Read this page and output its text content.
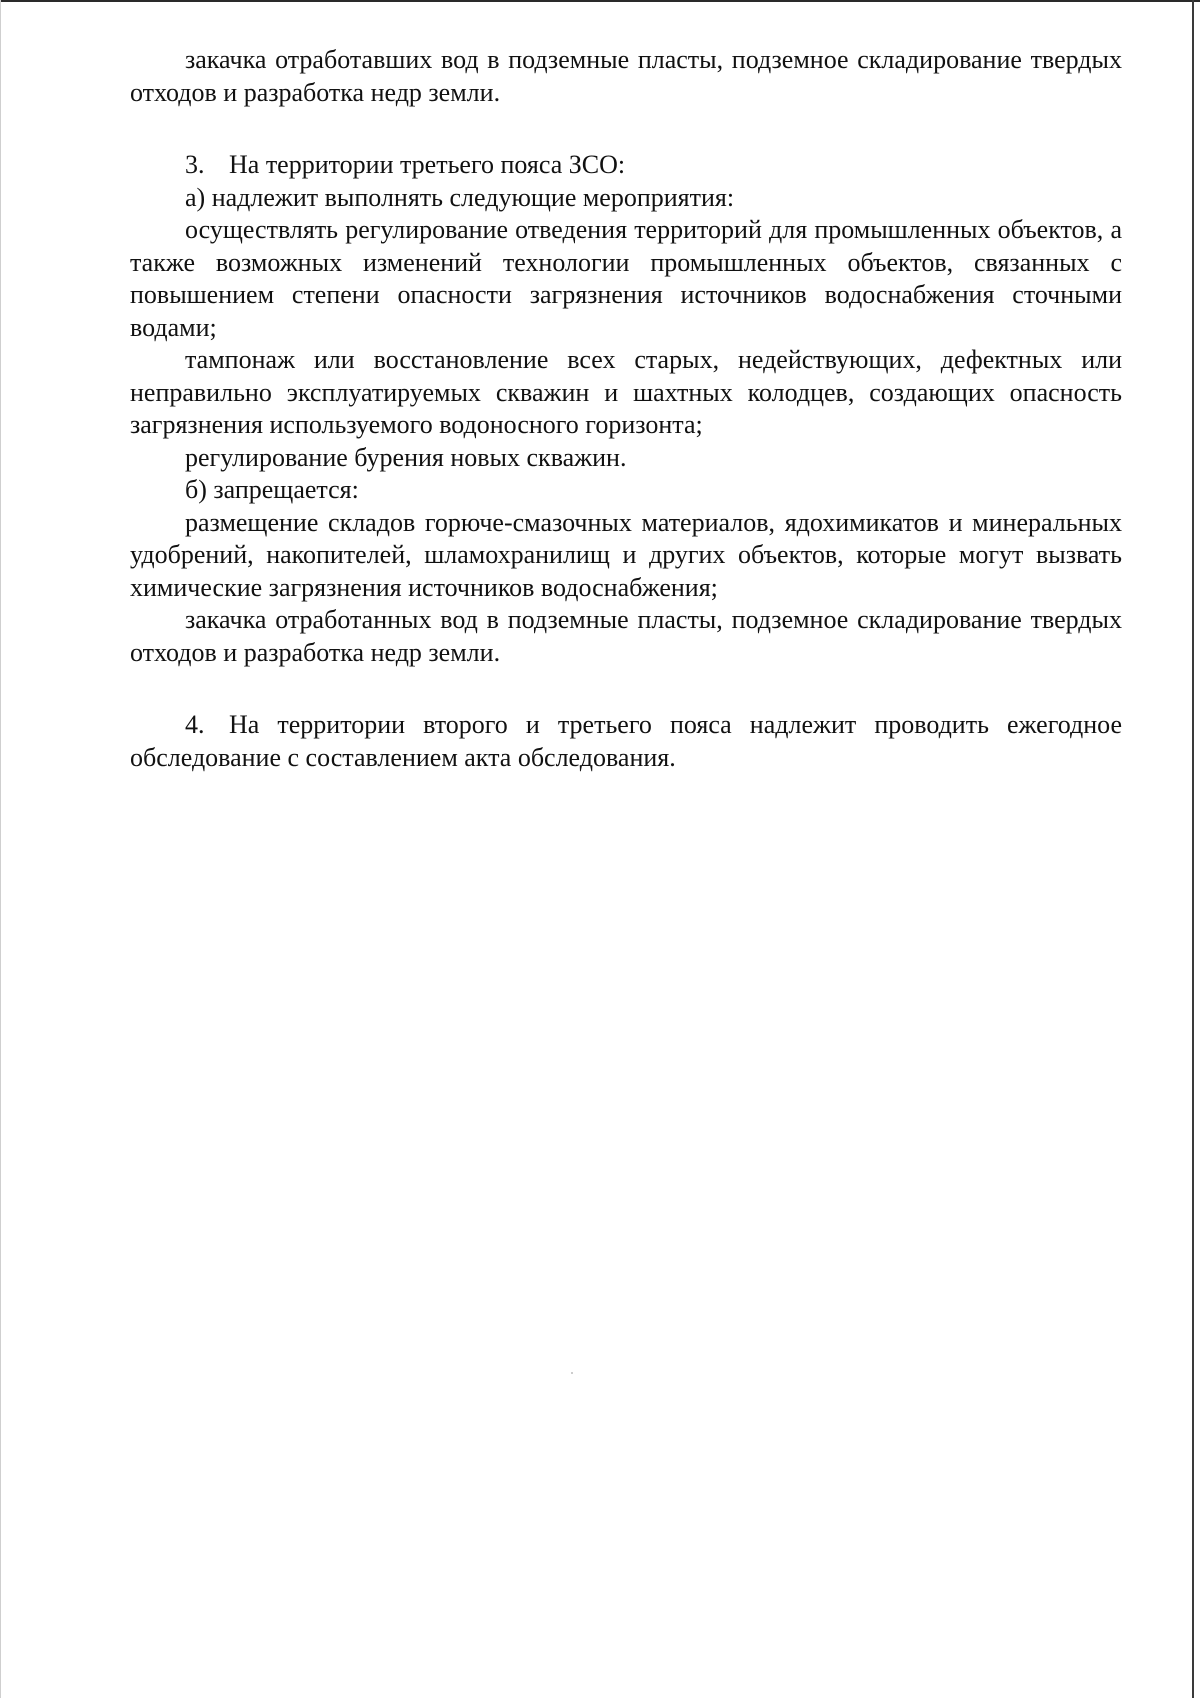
закачка отработавших вод в подземные пласты, подземное складирование твердых отходов и разработка недр земли.

3. На территории третьего пояса ЗСО:

а) надлежит выполнять следующие мероприятия:

осуществлять регулирование отведения территорий для промышленных объектов, а также возможных изменений технологии промышленных объектов, связанных с повышением степени опасности загрязнения источников водоснабжения сточными водами;

тампонаж или восстановление всех старых, недействующих, дефектных или неправильно эксплуатируемых скважин и шахтных колодцев, создающих опасность загрязнения используемого водоносного горизонта;

регулирование бурения новых скважин.

б) запрещается:

размещение складов горюче-смазочных материалов, ядохимикатов и минеральных удобрений, накопителей, шламохранилищ и других объектов, которые могут вызвать химические загрязнения источников водоснабжения;

закачка отработанных вод в подземные пласты, подземное складирование твердых отходов и разработка недр земли.

4. На территории второго и третьего пояса надлежит проводить ежегодное обследование с составлением акта обследования.
